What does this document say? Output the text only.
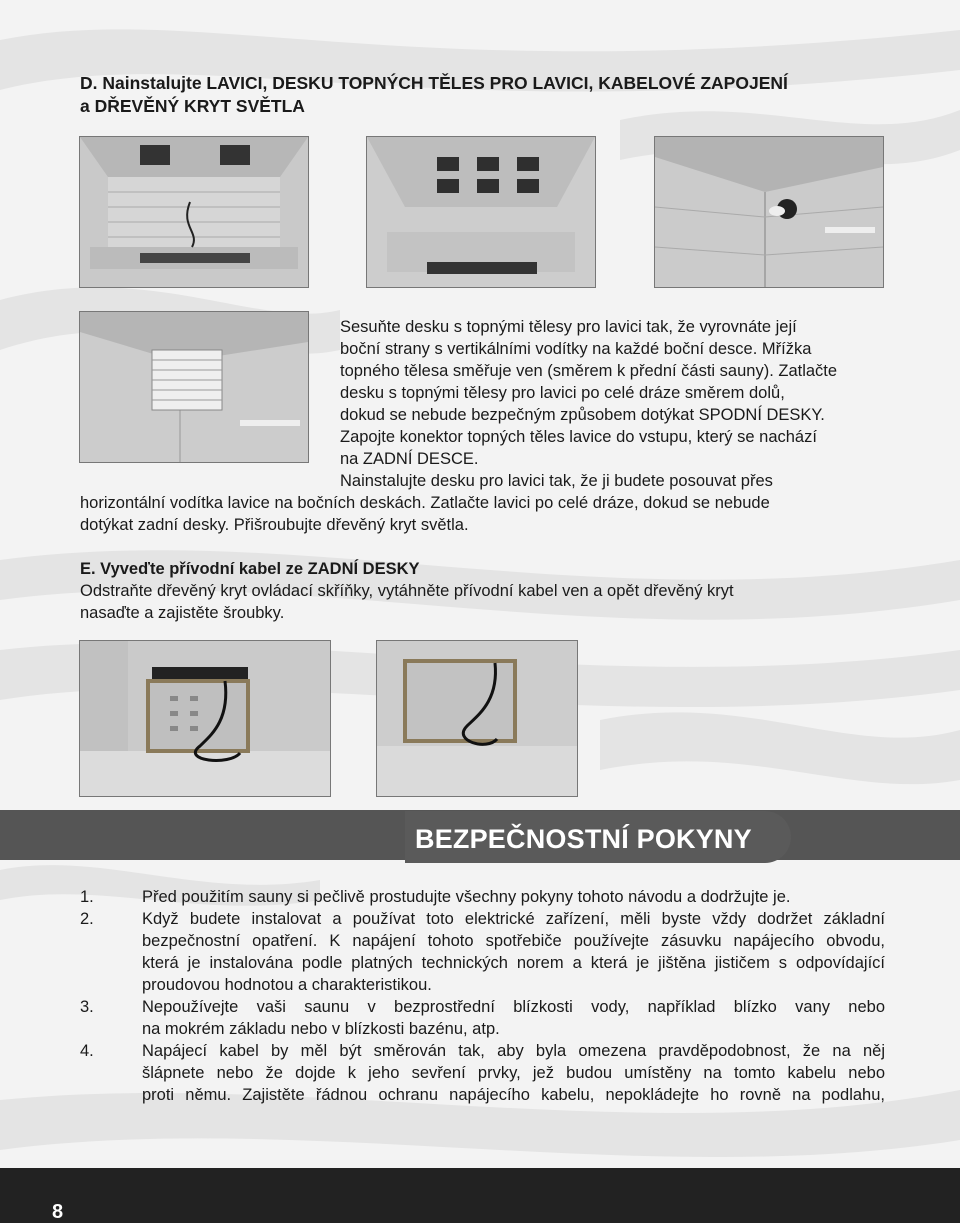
D. Nainstalujte LAVICI, DESKU TOPNÝCH TĚLES PRO LAVICI, KABELOVÉ ZAPOJENÍ
a DŘEVĚNÝ KRYT SVĚTLA
Sesuňte desku s topnými tělesy pro lavici tak, že vyrovnáte její
boční strany s vertikálními vodítky na každé boční desce. Mřížka
topného tělesa směřuje ven (směrem k přední části sauny). Zatlačte
desku s topnými tělesy pro lavici po celé dráze směrem dolů,
dokud se nebude bezpečným způsobem dotýkat SPODNÍ DESKY.
Zapojte konektor topných těles lavice do vstupu, který se nachází
na ZADNÍ DESCE.
Nainstalujte desku pro lavici tak, že ji budete posouvat přes
horizontální vodítka lavice na bočních deskách. Zatlačte lavici po celé dráze, dokud se nebude
dotýkat zadní desky. Přišroubujte dřevěný kryt světla.
E. Vyveďte přívodní kabel ze ZADNÍ DESKY
Odstraňte dřevěný kryt ovládací skříňky, vytáhněte přívodní kabel ven a opět dřevěný kryt
nasaďte a zajistěte šroubky.
BEZPEČNOSTNÍ POKYNY
1.	Před použitím sauny si pečlivě prostudujte všechny pokyny tohoto návodu a dodržujte je.
2.	Když budete instalovat a používat toto elektrické zařízení, měli byste vždy dodržet základní
bezpečnostní opatření. K napájení tohoto spotřebiče používejte zásuvku napájecího obvodu,
která je instalována podle platných technických norem a která je jištěna jističem s odpovídající
proudovou hodnotou a charakteristikou.
3.	Nepoužívejte vaši saunu v bezprostřední blízkosti vody, například blízko vany nebo
na mokrém základu nebo v blízkosti bazénu, atp.
4.	Napájecí kabel by měl být směrován tak, aby byla omezena pravděpodobnost, že na něj
šlápnete nebo že dojde k jeho sevření prvky, jež budou umístěny na tomto kabelu nebo
proti němu. Zajistěte řádnou ochranu napájecího kabelu, nepokládejte ho rovně na podlahu,
8
